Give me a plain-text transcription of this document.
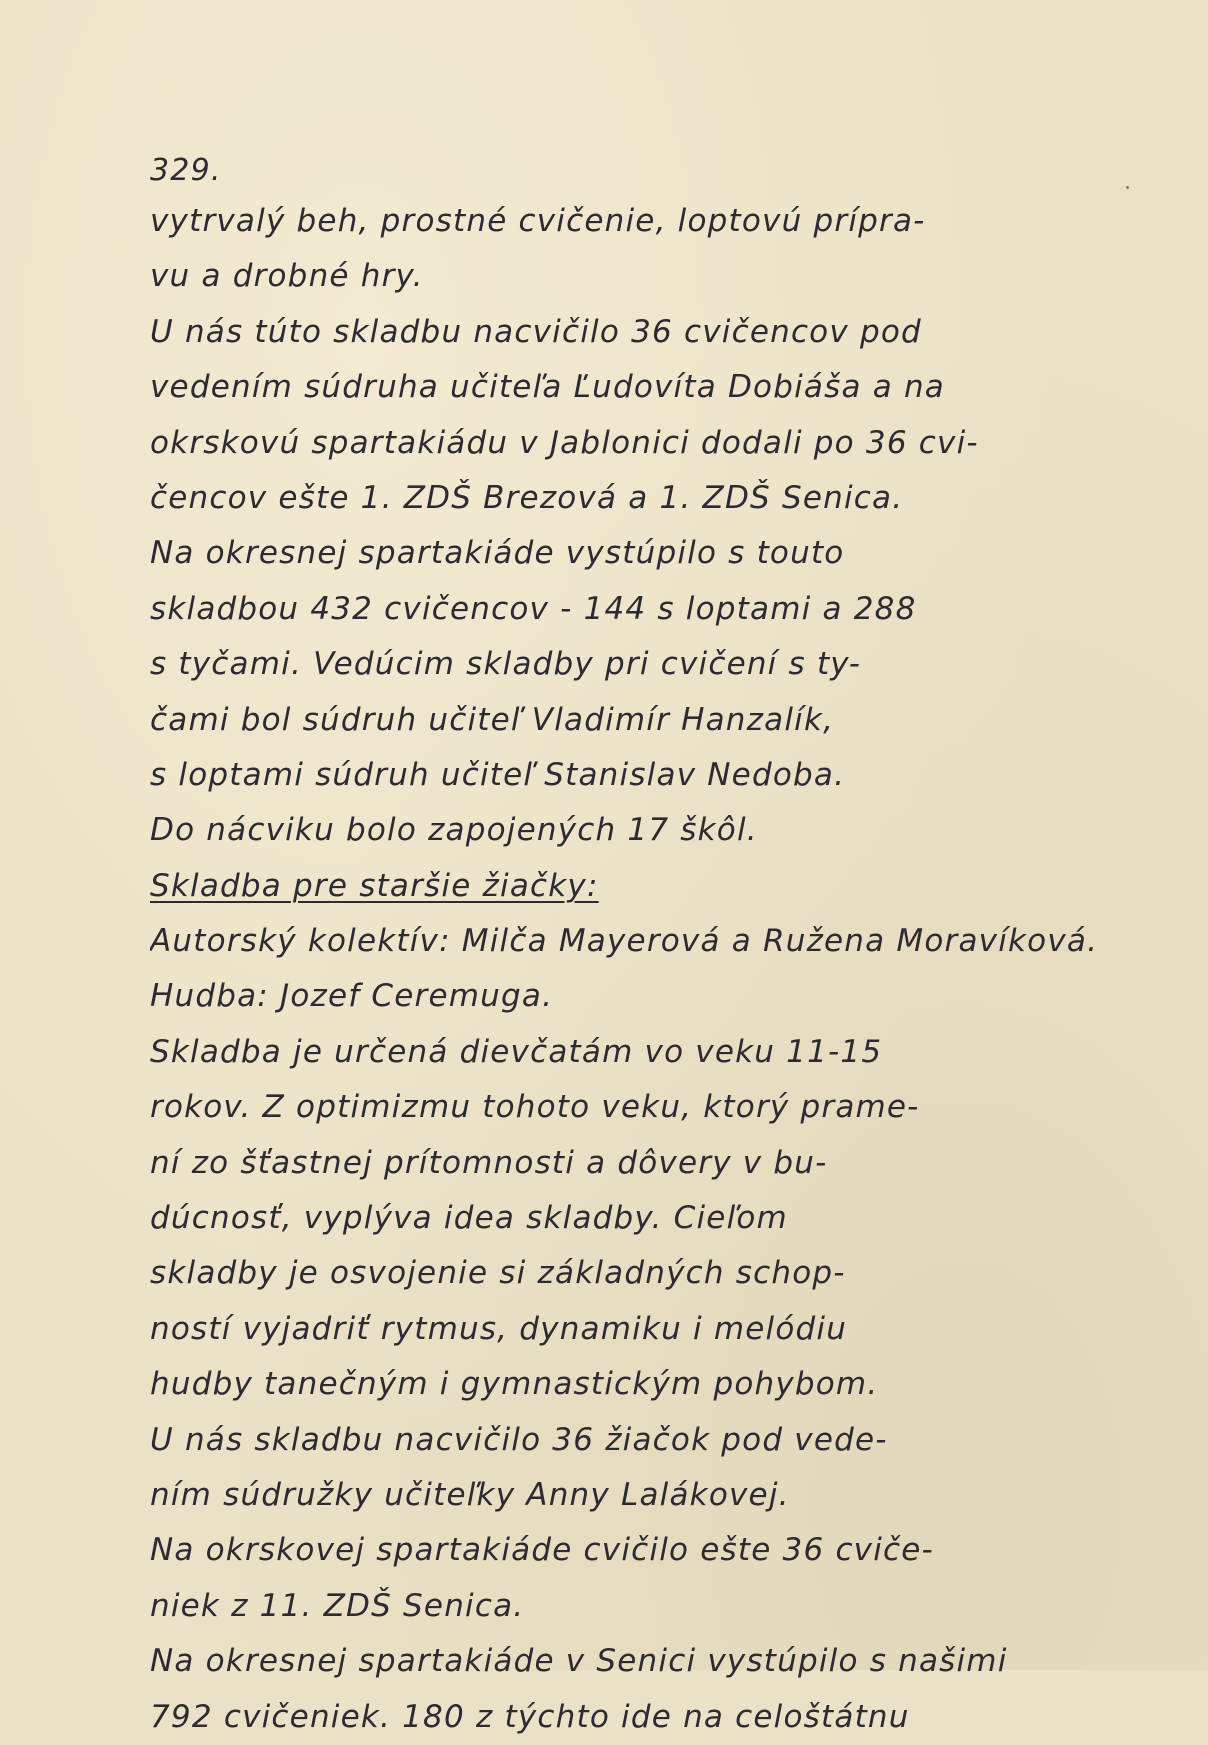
329.
vytrvalý beh, prostné cvičenie, loptovú prípra-
vu a drobné hry.
U nás túto skladbu nacvičilo 36 cvičencov pod
vedením súdruha učiteľa Ľudovíta Dobiáša a na
okrskovú spartakiádu v Jablonici dodali po 36 cvi-
čencov ešte 1. ZDŠ Brezová a 1. ZDŠ Senica.
Na okresnej spartakiáde vystúpilo s touto
skladbou 432 cvičencov - 144 s loptami a 288
s tyčami. Vedúcim skladby pri cvičení s ty-
čami bol súdruh učiteľ Vladimír Hanzalík,
s loptami súdruh učiteľ Stanislav Nedoba.
Do nácviku bolo zapojených 17 škôl.
Skladba pre staršie žiačky:
Autorský kolektív: Milča Mayerová a Ružena Moravíková.
Hudba: Jozef Ceremuga.
Skladba je určená dievčatám vo veku 11-15
rokov. Z optimizmu tohoto veku, ktorý prame-
ní zo šťastnej prítomnosti a dôvery v bu-
dúcnosť, vyplýva idea skladby. Cieľom
skladby je osvojenie si základných schop-
ností vyjadriť rytmus, dynamiku i melódiu
hudby tanečným i gymnastickým pohybom.
U nás skladbu nacvičilo 36 žiačok pod vede-
ním súdružky učiteľky Anny Lalákovej.
Na okrskovej spartakiáde cvičilo ešte 36 cviče-
niek z 11. ZDŠ Senica.
Na okresnej spartakiáde v Senici vystúpilo s našimi
792 cvičeniek. 180 z týchto ide na celoštátnu
